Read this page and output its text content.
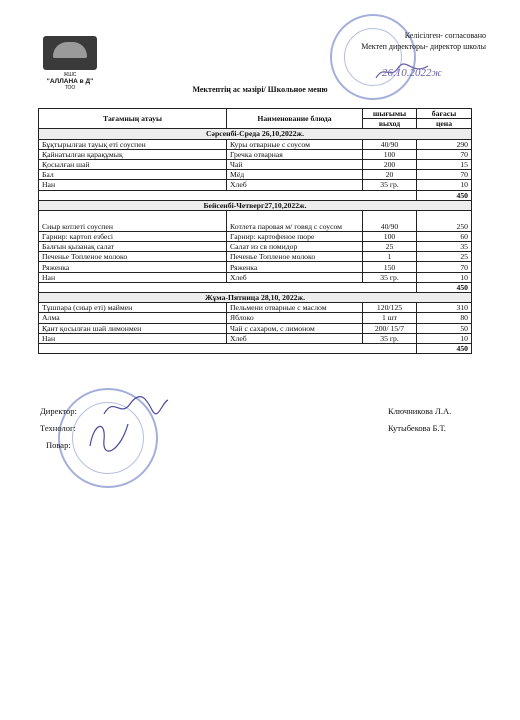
ЖШС
"АЛЛАНА в Д"
ТОО
Келісілген- согласовано
Мектеп директоры- директор школы
26.10.2022ж
Мектептің ас мәзірі/ Школьное меню
Тағамның атауы	Наименование блюда	шығымы	бағасы
		выход	цена
Сәрсенбі-Среда 26,10,2022ж.			
Бұқтырылған тауық еті соуспен	Куры отварные с соусом	40/90	290
Қайнатылған қарақұмық	Гречка отварная	100	70
Қосылған шай	Чай	200	15
Бал	Мёд	20	70
Нан	Хлеб	35 гр.	10
			450
Бейсенбі-Четверг27,10,2022ж.			
Сиыр котлеті соуспен	Котлета паровая м/ говяд с соусом	40/90	250
Гарнир: картоп езбесі	Гарнир: картофеное пюре	100	60
Балғын қызанақ салат	Салат из св помидор	25	35
Печенье Топленое молоко	Печенье Топленое молоко	1	25
Ряженка	Ряженка	150	70
Нан	Хлеб	35 гр.	10
			450
Жұма-Пятница 28,10, 2022ж.			
Тұшпара (сиыр еті) маймен	Пельмени отварные с маслом	120/125	310
Алма	Яблоко	1 шт	80
Қант қосылған шай лимонмен	Чай с сахаром, с лимоном	200/ 15/7	50
Нан	Хлеб	35 гр.	10
			450
Директор:
Технолог:
Повар:
Ключникова Л.А.
Кутыбекова Б.Т.
